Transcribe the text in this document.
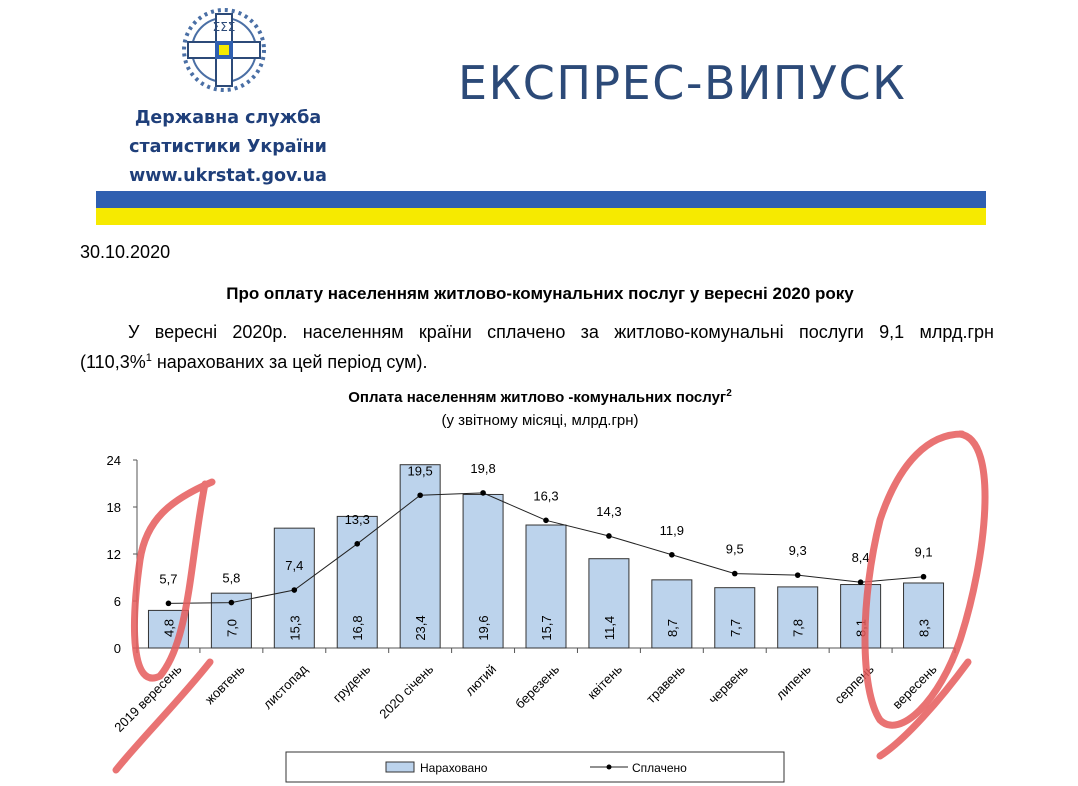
ΣΣΣ
Державна служба
статистики України
www.ukrstat.gov.ua
ЕКСПРЕС-ВИПУСК
30.10.2020
Про оплату населенням житлово-комунальних послуг у вересні 2020 року
У вересні 2020р. населенням країни сплачено за житлово-комунальні послуги 9,1 млрд.грн
(110,3%$^1$ нарахованих за цей період сум).
Оплата населенням житлово -комунальних послуг$^2$
(у звітному місяці, млрд.грн)
0
6
12
18
24
4,8	7,0	15,3	16,8	23,4	19,6	15,7	11,4	8,7	7,7	7,8	8,1	8,3
5,7	5,8
7,4
13,3
19,5	19,8
16,3
14,3
11,9
9,5	9,3	8,4	9,1
2019 вересень жовтень листопад грудень 2020 січень лютий березень квітень травень червень липень серпень вересень
Нараховано	Сплачено
